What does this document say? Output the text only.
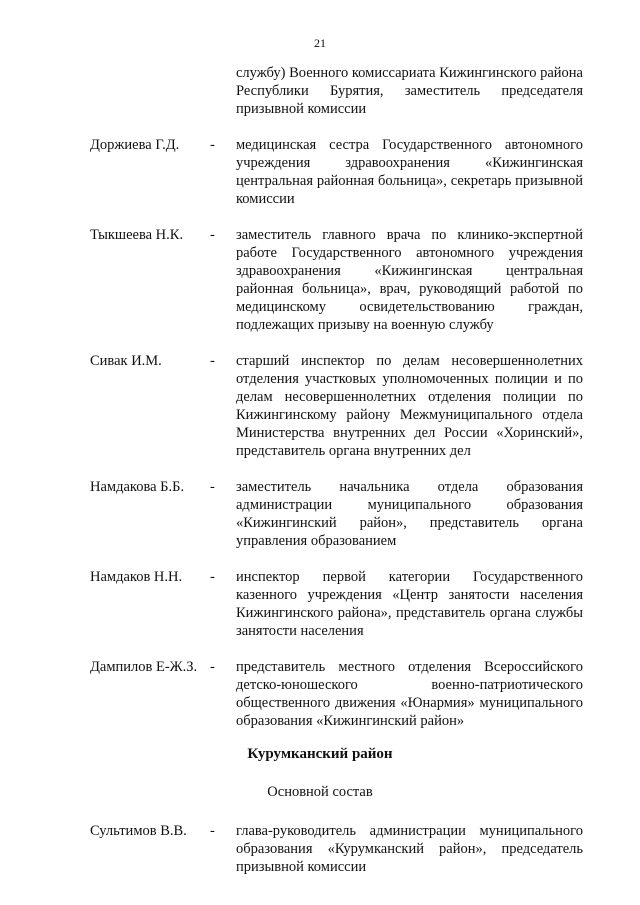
21
службу) Военного комиссариата Кижингинского района Республики Бурятия, заместитель председателя призывной комиссии
Доржиева Г.Д. - медицинская сестра Государственного автономного учреждения здравоохранения «Кижингинская центральная районная больница», секретарь призывной комиссии
Тыкшеева Н.К. - заместитель главного врача по клинико-экспертной работе Государственного автономного учреждения здравоохранения «Кижингинская центральная районная больница», врач, руководящий работой по медицинскому освидетельствованию граждан, подлежащих призыву на военную службу
Сивак И.М.	- старший инспектор по делам несовершеннолетних отделения участковых уполномоченных полиции и по делам несовершеннолетних отделения полиции по Кижингинскому району Межмуниципального отдела Министерства внутренних дел России «Хоринский», представитель органа внутренних дел
Намдакова Б.Б. - заместитель начальника отдела образования администрации муниципального образования «Кижингинский район», представитель органа управления образованием
Намдаков Н.Н. - инспектор первой категории Государственного казенного учреждения «Центр занятости населения Кижингинского района», представитель органа службы занятости населения
Дампилов Е-Ж.З. - представитель местного отделения Всероссийского детско-юношеского военно-патриотического общественного движения «Юнармия» муниципального образования «Кижингинский район»
Курумканский район
Основной состав
Сультимов В.В. - глава-руководитель администрации муниципального образования «Курумканский район», председатель призывной комиссии
